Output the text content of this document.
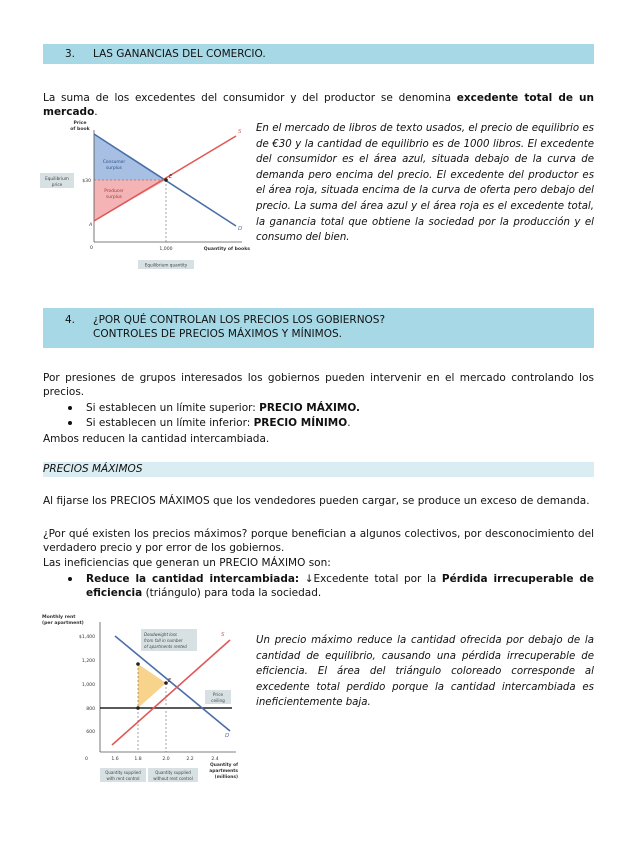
3. LAS GANANCIAS DEL COMERCIO.

La suma de los excedentes del consumidor y del productor se denomina excedente total de un mercado.

Price
of book	S
D
E
A
0
$30
1,000	Quantity of books
Consumer
surplus
Producer
surplus
Equilibrium
price
Equilibrium quantity

En el mercado de libros de texto usados, el precio de equilibrio es de €30 y la cantidad de equilibrio es de 1000 libros. El excedente del consumidor es el área azul, situada debajo de la curva de demanda pero encima del precio. El excedente del productor es el área roja, situada encima de la curva de oferta pero debajo del precio. La suma del área azul y el área roja es el excedente total, la ganancia total que obtiene la sociedad por la producción y el consumo del bien.

4. ¿POR QUÉ CONTROLAN LOS PRECIOS LOS GOBIERNOS?
CONTROLES DE PRECIOS MÁXIMOS Y MÍNIMOS.

Por presiones de grupos interesados los gobiernos pueden intervenir en el mercado controlando los precios.

Si establecen un límite superior: PRECIO MÁXIMO.
Si establecen un límite inferior: PRECIO MÍNIMO.

Ambos reducen la cantidad intercambiada.

PRECIOS MÁXIMOS

Al fijarse los PRECIOS MÁXIMOS que los vendedores pueden cargar, se produce un exceso de demanda.

¿Por qué existen los precios máximos? porque benefician a algunos colectivos, por desconocimiento del verdadero precio y por error de los gobiernos.

Las ineficiencias que generan un PRECIO MÁXIMO son:

Reduce la cantidad intercambiada: ↓Excedente total por la Pérdida irrecuperable de eficiencia (triángulo) para toda la sociedad.

Monthly rent
(per apartment)
$1,400
1,200
1,000
800
600
0	1.6	1.8	2.0	2.2	2.4
S
D
E
Quantity of
apartments
(millions)
Deadweight loss
from fall in number
of apartments rented
Price
ceiling
Quantity supplied
with rent control
Quantity supplied
without rent control

Un precio máximo reduce la cantidad ofrecida por debajo de la cantidad de equilibrio, causando una pérdida irrecuperable de eficiencia. El área del triángulo coloreado corresponde al excedente total perdido porque la cantidad intercambiada es ineficientemente baja.
